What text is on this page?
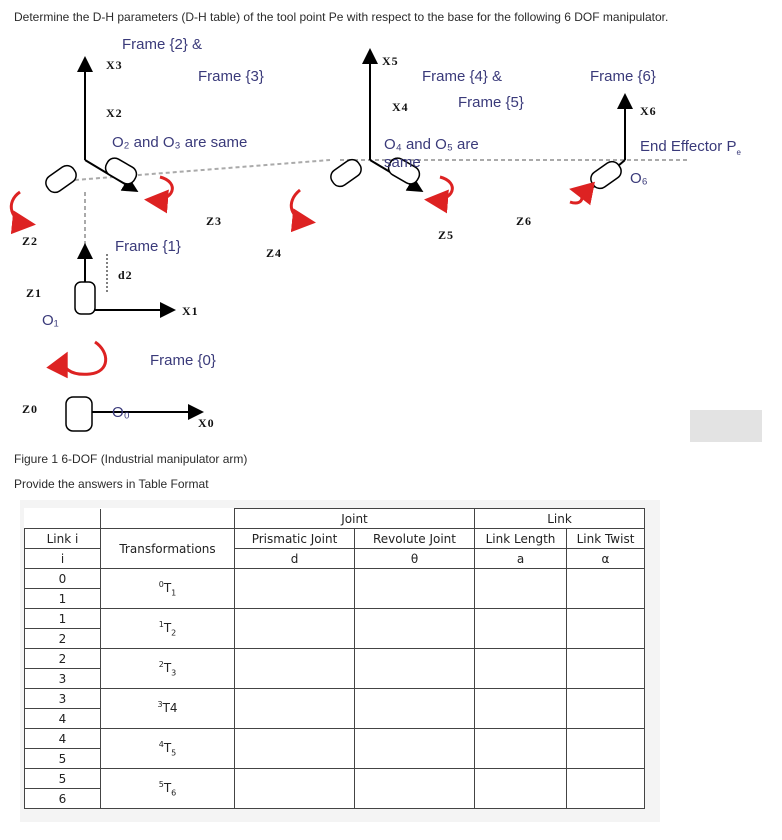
Determine the D-H parameters (D-H table) of the tool point Pe with respect to the base for the following 6 DOF manipulator.
Frame {2} &
Frame {3}	Frame {4} &
Frame {5}
Frame {6}
O₂ and O₃ are same	O₄ and O₅ are
same
End Effector $P_e$
O₆
Frame {1}
Frame {0}
O₁
O₀
X3
X2
X5
X4	X6
X1
X0
Z2
Z3
Z4
Z5
Z6
Z1
Z0
d2
Figure 1 6-DOF (Industrial manipulator arm)
Provide the answers in Table Format
		Joint		Link	
Link i	Transformations	Prismatic Joint	Revolute Joint	Link Length	Link Twist
i		d	θ	a	α
0	$^0T_1$				
1					
1	$^1T_2$				
2					
2	$^2T_3$				
3					
3	$^3$T4				
4					
4	$^4T_5$				
5					
5	$^5T_6$				
6					
